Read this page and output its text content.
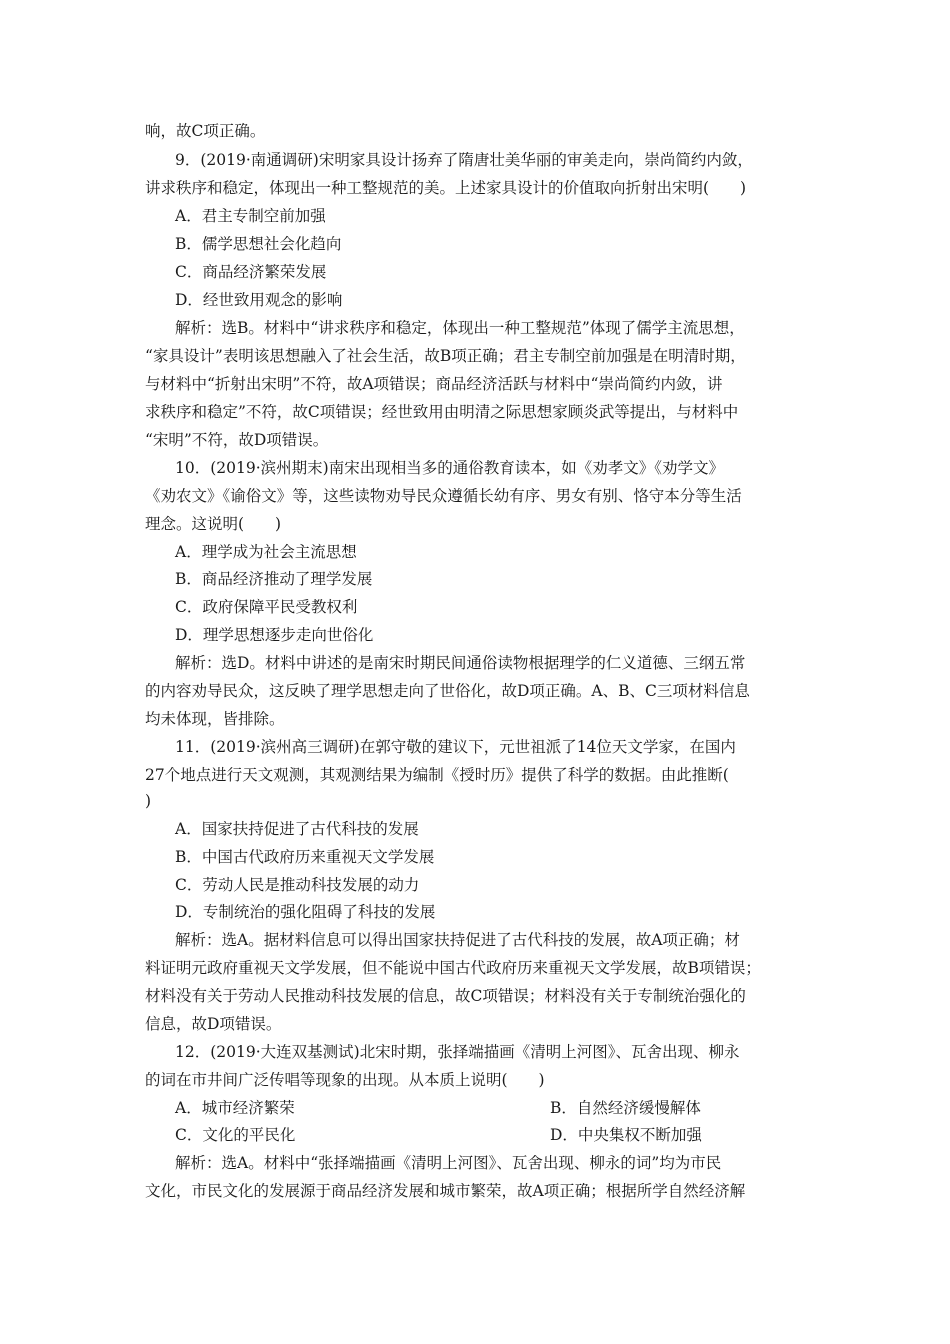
响，故C项正确。
9．(2019·南通调研)宋明家具设计扬弃了隋唐壮美华丽的审美走向，崇尚简约内敛，
讲求秩序和稳定，体现出一种工整规范的美。上述家具设计的价值取向折射出宋明(　　)
A．君主专制空前加强
B．儒学思想社会化趋向
C．商品经济繁荣发展
D．经世致用观念的影响
解析：选B。材料中“讲求秩序和稳定，体现出一种工整规范”体现了儒学主流思想，
“家具设计”表明该思想融入了社会生活，故B项正确；君主专制空前加强是在明清时期，
与材料中“折射出宋明”不符，故A项错误；商品经济活跃与材料中“崇尚简约内敛，讲
求秩序和稳定”不符，故C项错误；经世致用由明清之际思想家顾炎武等提出，与材料中
“宋明”不符，故D项错误。
10．(2019·滨州期末)南宋出现相当多的通俗教育读本，如《劝孝文》《劝学文》
《劝农文》《谕俗文》等，这些读物劝导民众遵循长幼有序、男女有别、恪守本分等生活
理念。这说明(　　)
A．理学成为社会主流思想
B．商品经济推动了理学发展
C．政府保障平民受教权利
D．理学思想逐步走向世俗化
解析：选D。材料中讲述的是南宋时期民间通俗读物根据理学的仁义道德、三纲五常
的内容劝导民众，这反映了理学思想走向了世俗化，故D项正确。A、B、C三项材料信息
均未体现，皆排除。
11．(2019·滨州高三调研)在郭守敬的建议下，元世祖派了14位天文学家，在国内
27个地点进行天文观测，其观测结果为编制《授时历》提供了科学的数据。由此推断(
)
A．国家扶持促进了古代科技的发展
B．中国古代政府历来重视天文学发展
C．劳动人民是推动科技发展的动力
D．专制统治的强化阻碍了科技的发展
解析：选A。据材料信息可以得出国家扶持促进了古代科技的发展，故A项正确；材
料证明元政府重视天文学发展，但不能说中国古代政府历来重视天文学发展，故B项错误；
材料没有关于劳动人民推动科技发展的信息，故C项错误；材料没有关于专制统治强化的
信息，故D项错误。
12．(2019·大连双基测试)北宋时期，张择端描画《清明上河图》、瓦舍出现、柳永
的词在市井间广泛传唱等现象的出现。从本质上说明(　　)
A．城市经济繁荣	B．自然经济缓慢解体
C．文化的平民化	D．中央集权不断加强
解析：选A。材料中“张择端描画《清明上河图》、瓦舍出现、柳永的词”均为市民
文化，市民文化的发展源于商品经济发展和城市繁荣，故A项正确；根据所学自然经济解
